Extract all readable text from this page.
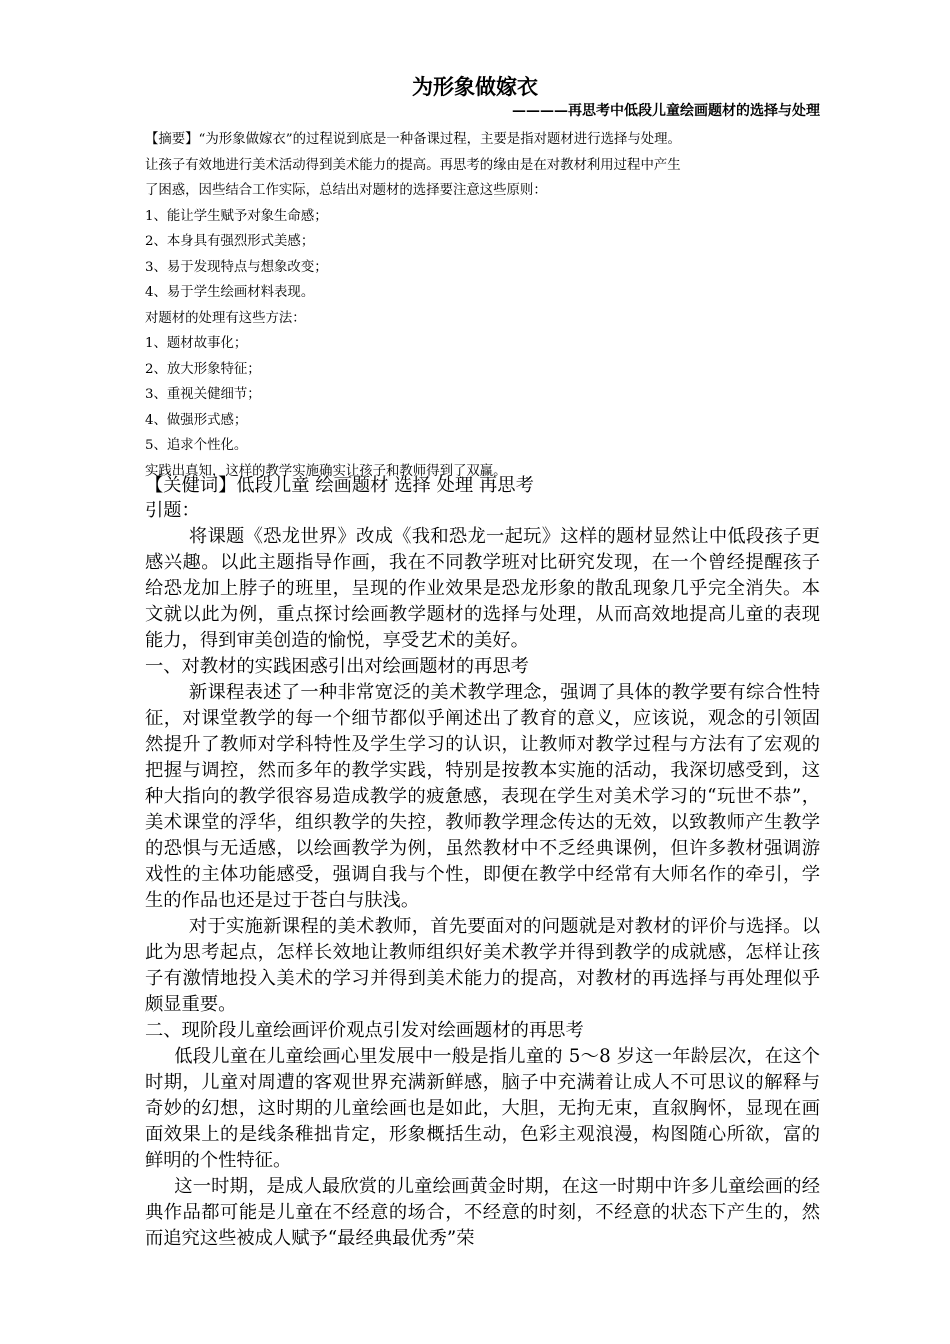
为形象做嫁衣
————再思考中低段儿童绘画题材的选择与处理

【摘要】“为形象做嫁衣”的过程说到底是一种备课过程，主要是指对题材进行选择与处理。

让孩子有效地进行美术活动得到美术能力的提高。再思考的缘由是在对教材利用过程中产生

了困惑，因些结合工作实际，总结出对题材的选择要注意这些原则：

1、能让学生赋予对象生命感；

2、本身具有强烈形式美感；

3、易于发现特点与想象改变；

4、易于学生绘画材料表现。

对题材的处理有这些方法：

1、题材故事化；

2、放大形象特征；

3、重视关健细节；

4、做强形式感；

5、追求个性化。

实践出真知，这样的教学实施确实让孩子和教师得到了双赢。

【关健词】低段儿童 绘画题材 选择 处理 再思考

引题：

将课题《恐龙世界》改成《我和恐龙一起玩》这样的题材显然让中低段孩子更感兴趣。以此主题指导作画，我在不同教学班对比研究发现，在一个曾经提醒孩子给恐龙加上脖子的班里，呈现的作业效果是恐龙形象的散乱现象几乎完全消失。本文就以此为例，重点探讨绘画教学题材的选择与处理，从而高效地提高儿童的表现能力，得到审美创造的愉悦，享受艺术的美好。

一、对教材的实践困惑引出对绘画题材的再思考

新课程表述了一种非常宽泛的美术教学理念，强调了具体的教学要有综合性特征，对课堂教学的每一个细节都似乎阐述出了教育的意义，应该说，观念的引领固然提升了教师对学科特性及学生学习的认识，让教师对教学过程与方法有了宏观的把握与调控，然而多年的教学实践，特别是按教本实施的活动，我深切感受到，这种大指向的教学很容易造成教学的疲惫感，表现在学生对美术学习的“玩世不恭”，美术课堂的浮华，组织教学的失控，教师教学理念传达的无效，以致教师产生教学的恐惧与无适感，以绘画教学为例，虽然教材中不乏经典课例，但许多教材强调游戏性的主体功能感受，强调自我与个性，即便在教学中经常有大师名作的牵引，学生的作品也还是过于苍白与肤浅。

对于实施新课程的美术教师，首先要面对的问题就是对教材的评价与选择。以此为思考起点，怎样长效地让教师组织好美术教学并得到教学的成就感，怎样让孩子有激情地投入美术的学习并得到美术能力的提高，对教材的再选择与再处理似乎颇显重要。

二、现阶段儿童绘画评价观点引发对绘画题材的再思考

低段儿童在儿童绘画心里发展中一般是指儿童的 5～8 岁这一年龄层次，在这个时期，儿童对周遭的客观世界充满新鲜感，脑子中充满着让成人不可思议的解释与奇妙的幻想，这时期的儿童绘画也是如此，大胆，无拘无束，直叙胸怀，显现在画面效果上的是线条稚拙肯定，形象概括生动，色彩主观浪漫，构图随心所欲，富的鲜明的个性特征。

这一时期，是成人最欣赏的儿童绘画黄金时期，在这一时期中许多儿童绘画的经典作品都可能是儿童在不经意的场合，不经意的时刻，不经意的状态下产生的，然而追究这些被成人赋予“最经典最优秀”荣
